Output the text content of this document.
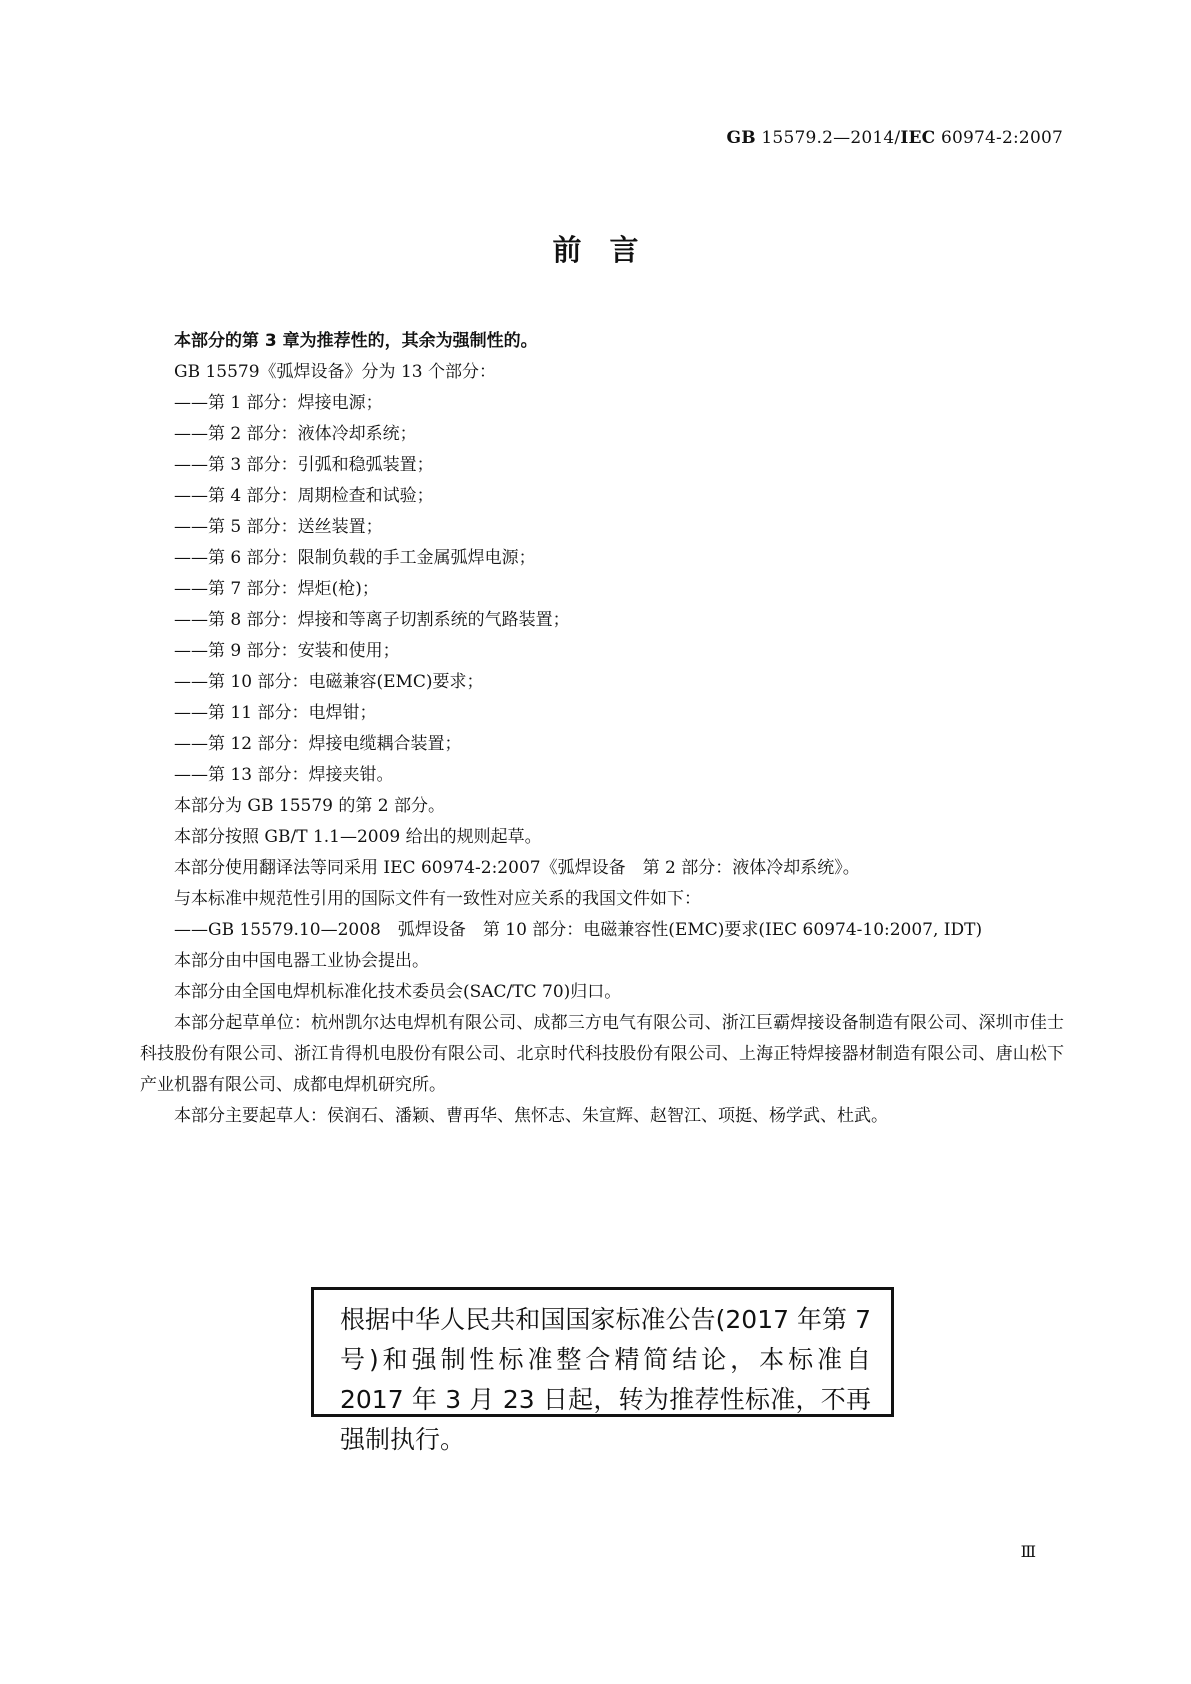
GB 15579.2—2014/IEC 60974-2:2007
前言

本部分的第 3 章为推荐性的，其余为强制性的。

GB 15579《弧焊设备》分为 13 个部分：

——第 1 部分：焊接电源；

——第 2 部分：液体冷却系统；

——第 3 部分：引弧和稳弧装置；

——第 4 部分：周期检查和试验；

——第 5 部分：送丝装置；

——第 6 部分：限制负载的手工金属弧焊电源；

——第 7 部分：焊炬(枪)；

——第 8 部分：焊接和等离子切割系统的气路装置；

——第 9 部分：安装和使用；

——第 10 部分：电磁兼容(EMC)要求；

——第 11 部分：电焊钳；

——第 12 部分：焊接电缆耦合装置；

——第 13 部分：焊接夹钳。

本部分为 GB 15579 的第 2 部分。

本部分按照 GB/T 1.1—2009 给出的规则起草。

本部分使用翻译法等同采用 IEC 60974-2:2007《弧焊设备　第 2 部分：液体冷却系统》。

与本标准中规范性引用的国际文件有一致性对应关系的我国文件如下：

——GB 15579.10—2008　弧焊设备　第 10 部分：电磁兼容性(EMC)要求(IEC 60974-10:2007, IDT)

本部分由中国电器工业协会提出。

本部分由全国电焊机标准化技术委员会(SAC/TC 70)归口。

本部分起草单位：杭州凯尔达电焊机有限公司、成都三方电气有限公司、浙江巨霸焊接设备制造有限公司、深圳市佳士科技股份有限公司、浙江肯得机电股份有限公司、北京时代科技股份有限公司、上海正特焊接器材制造有限公司、唐山松下产业机器有限公司、成都电焊机研究所。

本部分主要起草人：侯润石、潘颖、曹再华、焦怀志、朱宣辉、赵智江、项挺、杨学武、杜武。

根据中华人民共和国国家标准公告(2017 年第 7 号)和强制性标准整合精简结论，本标准自 2017 年 3 月 23 日起，转为推荐性标准，不再强制执行。
Ⅲ
